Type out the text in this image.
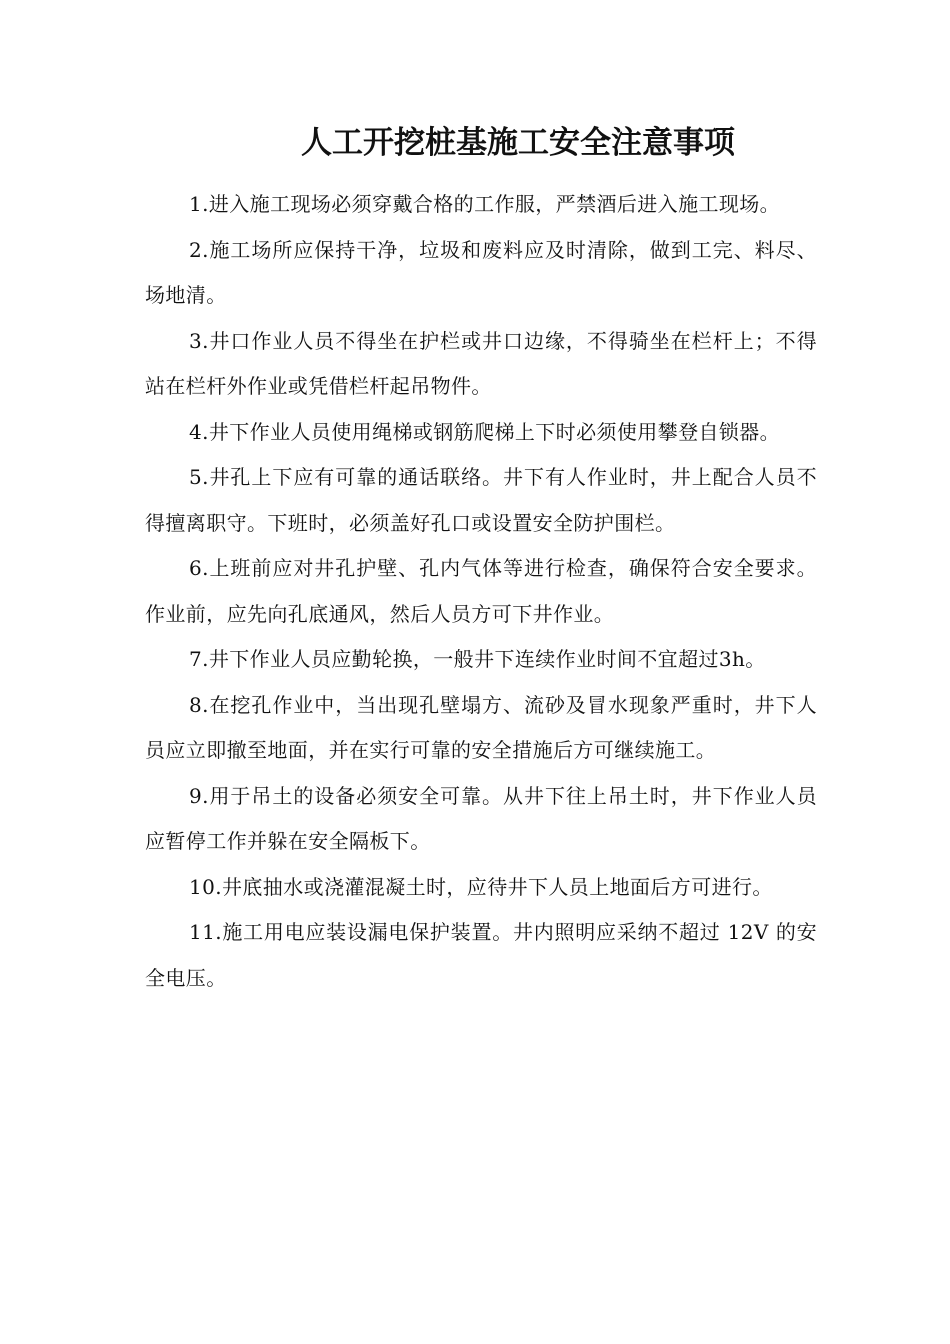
人工开挖桩基施工安全注意事项

1.进入施工现场必须穿戴合格的工作服，严禁酒后进入施工现场。

2.施工场所应保持干净，垃圾和废料应及时清除，做到工完、料尽、场地清。

3.井口作业人员不得坐在护栏或井口边缘，不得骑坐在栏杆上；不得站在栏杆外作业或凭借栏杆起吊物件。

4.井下作业人员使用绳梯或钢筋爬梯上下时必须使用攀登自锁器。

5.井孔上下应有可靠的通话联络。井下有人作业时，井上配合人员不得擅离职守。下班时，必须盖好孔口或设置安全防护围栏。

6.上班前应对井孔护壁、孔内气体等进行检查，确保符合安全要求。作业前，应先向孔底通风，然后人员方可下井作业。

7.井下作业人员应勤轮换，一般井下连续作业时间不宜超过3h。

8.在挖孔作业中，当出现孔壁塌方、流砂及冒水现象严重时，井下人员应立即撤至地面，并在实行可靠的安全措施后方可继续施工。

9.用于吊土的设备必须安全可靠。从井下往上吊土时，井下作业人员应暂停工作并躲在安全隔板下。

10.井底抽水或浇灌混凝土时，应待井下人员上地面后方可进行。

11.施工用电应装设漏电保护装置。井内照明应采纳不超过 12V 的安全电压。
